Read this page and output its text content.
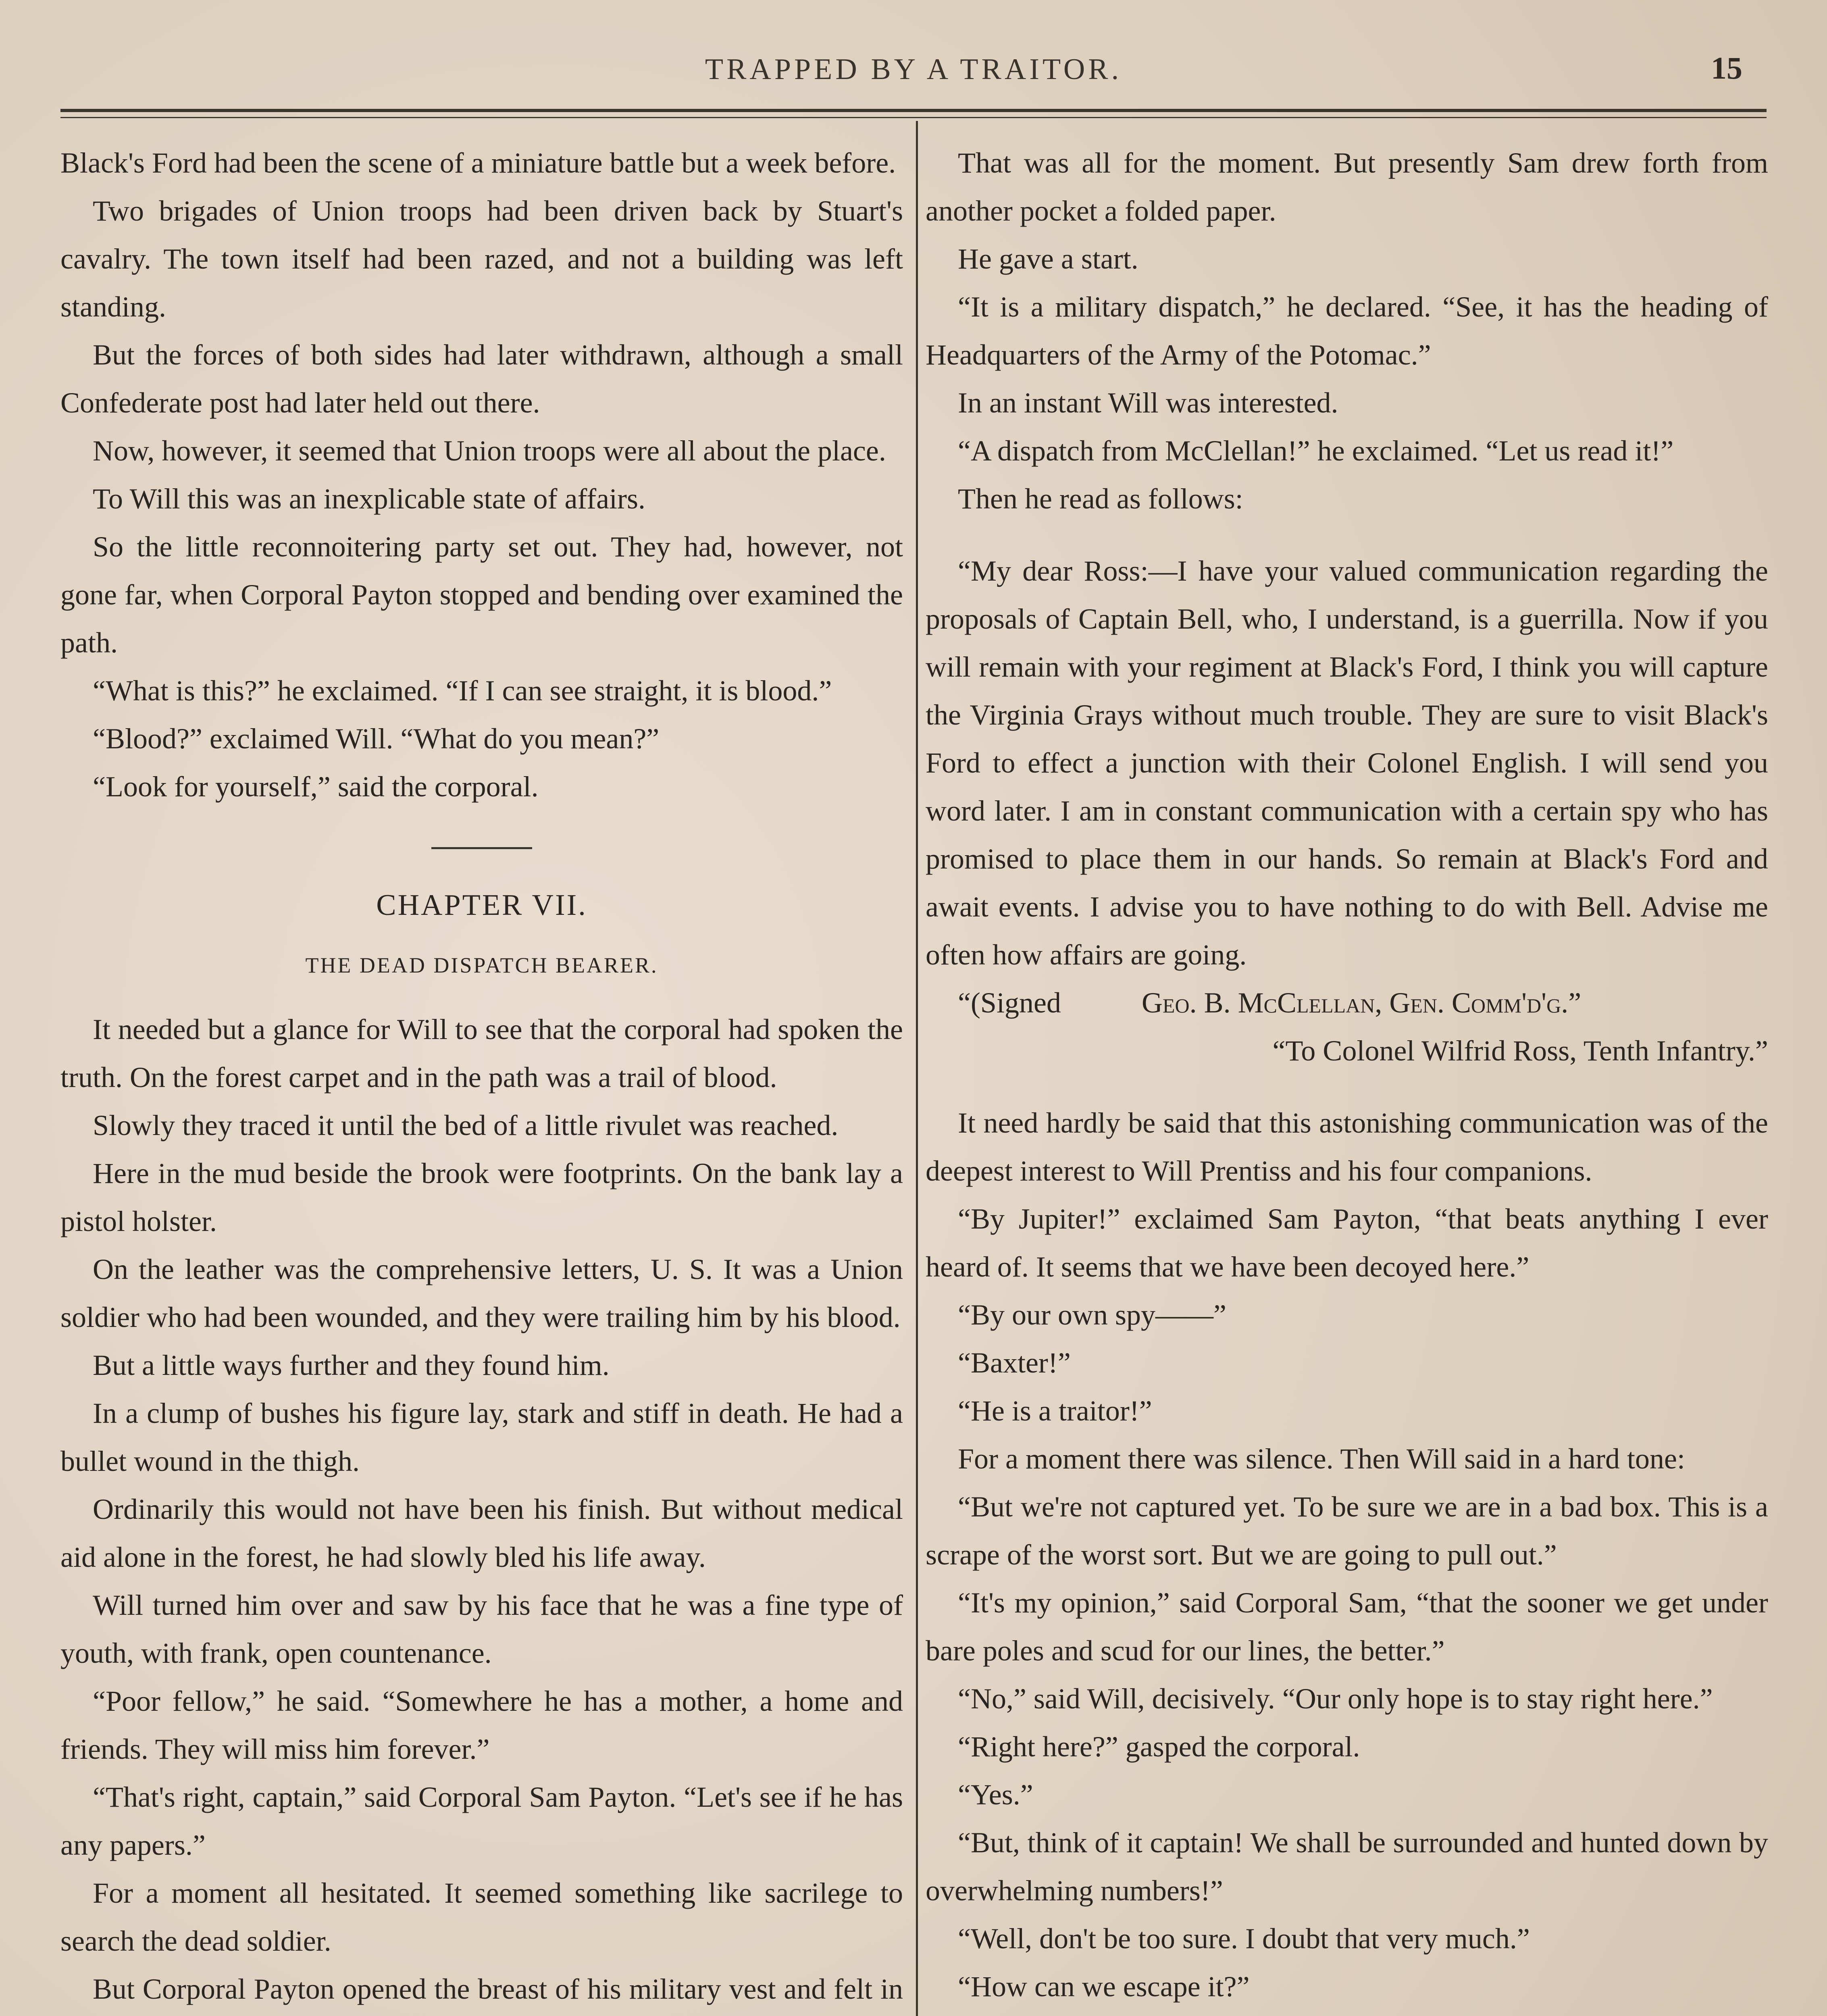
TRAPPED BY A TRAITOR.	15

Black's Ford had been the scene of a miniature battle but a week before.

Two brigades of Union troops had been driven back by Stuart's cavalry. The town itself had been razed, and not a building was left standing.

But the forces of both sides had later withdrawn, although a small Confederate post had later held out there.

Now, however, it seemed that Union troops were all about the place.

To Will this was an inexplicable state of affairs.

So the little reconnoitering party set out. They had, however, not gone far, when Corporal Payton stopped and bending over examined the path.

“What is this?” he exclaimed. “If I can see straight, it is blood.”

“Blood?” exclaimed Will. “What do you mean?”

“Look for yourself,” said the corporal.

CHAPTER VII.
THE DEAD DISPATCH BEARER.

It needed but a glance for Will to see that the corporal had spoken the truth. On the forest carpet and in the path was a trail of blood.

Slowly they traced it until the bed of a little rivulet was reached.

Here in the mud beside the brook were footprints. On the bank lay a pistol holster.

On the leather was the comprehensive letters, U. S. It was a Union soldier who had been wounded, and they were trailing him by his blood.

But a little ways further and they found him.

In a clump of bushes his figure lay, stark and stiff in death. He had a bullet wound in the thigh.

Ordinarily this would not have been his finish. But without medical aid alone in the forest, he had slowly bled his life away.

Will turned him over and saw by his face that he was a fine type of youth, with frank, open countenance.

“Poor fellow,” he said. “Somewhere he has a mother, a home and friends. They will miss him forever.”

“That's right, captain,” said Corporal Sam Payton. “Let's see if he has any papers.”

For a moment all hesitated. It seemed something like sacrilege to search the dead soldier.

But Corporal Payton opened the breast of his military vest and felt in

That was all for the moment. But presently Sam drew forth from another pocket a folded paper.

He gave a start.

“It is a military dispatch,” he declared. “See, it has the heading of Headquarters of the Army of the Potomac.”

In an instant Will was interested.

“A dispatch from McClellan!” he exclaimed. “Let us read it!”

Then he read as follows:

“My dear Ross:—I have your valued communication regarding the proposals of Captain Bell, who, I understand, is a guerrilla. Now if you will remain with your regiment at Black's Ford, I think you will capture the Virginia Grays without much trouble. They are sure to visit Black's Ford to effect a junction with their Colonel English. I will send you word later. I am in constant communication with a certain spy who has promised to place them in our hands. So remain at Black's Ford and await events. I advise you to have nothing to do with Bell. Advise me often how affairs are going.

“(Signed	Geo. B. McClellan, Gen. Comm'd'g.”

“To Colonel Wilfrid Ross, Tenth Infantry.”

It need hardly be said that this astonishing communication was of the deepest interest to Will Prentiss and his four companions.

“By Jupiter!” exclaimed Sam Payton, “that beats anything I ever heard of. It seems that we have been decoyed here.”

“By our own spy——”

“Baxter!”

“He is a traitor!”

For a moment there was silence. Then Will said in a hard tone:

“But we're not captured yet. To be sure we are in a bad box. This is a scrape of the worst sort. But we are going to pull out.”

“It's my opinion,” said Corporal Sam, “that the sooner we get under bare poles and scud for our lines, the better.”

“No,” said Will, decisively. “Our only hope is to stay right here.”

“Right here?” gasped the corporal.

“Yes.”

“But, think of it captain! We shall be surrounded and hunted down by overwhelming numbers!”

“Well, don't be too sure. I doubt that very much.”

“How can we escape it?”
